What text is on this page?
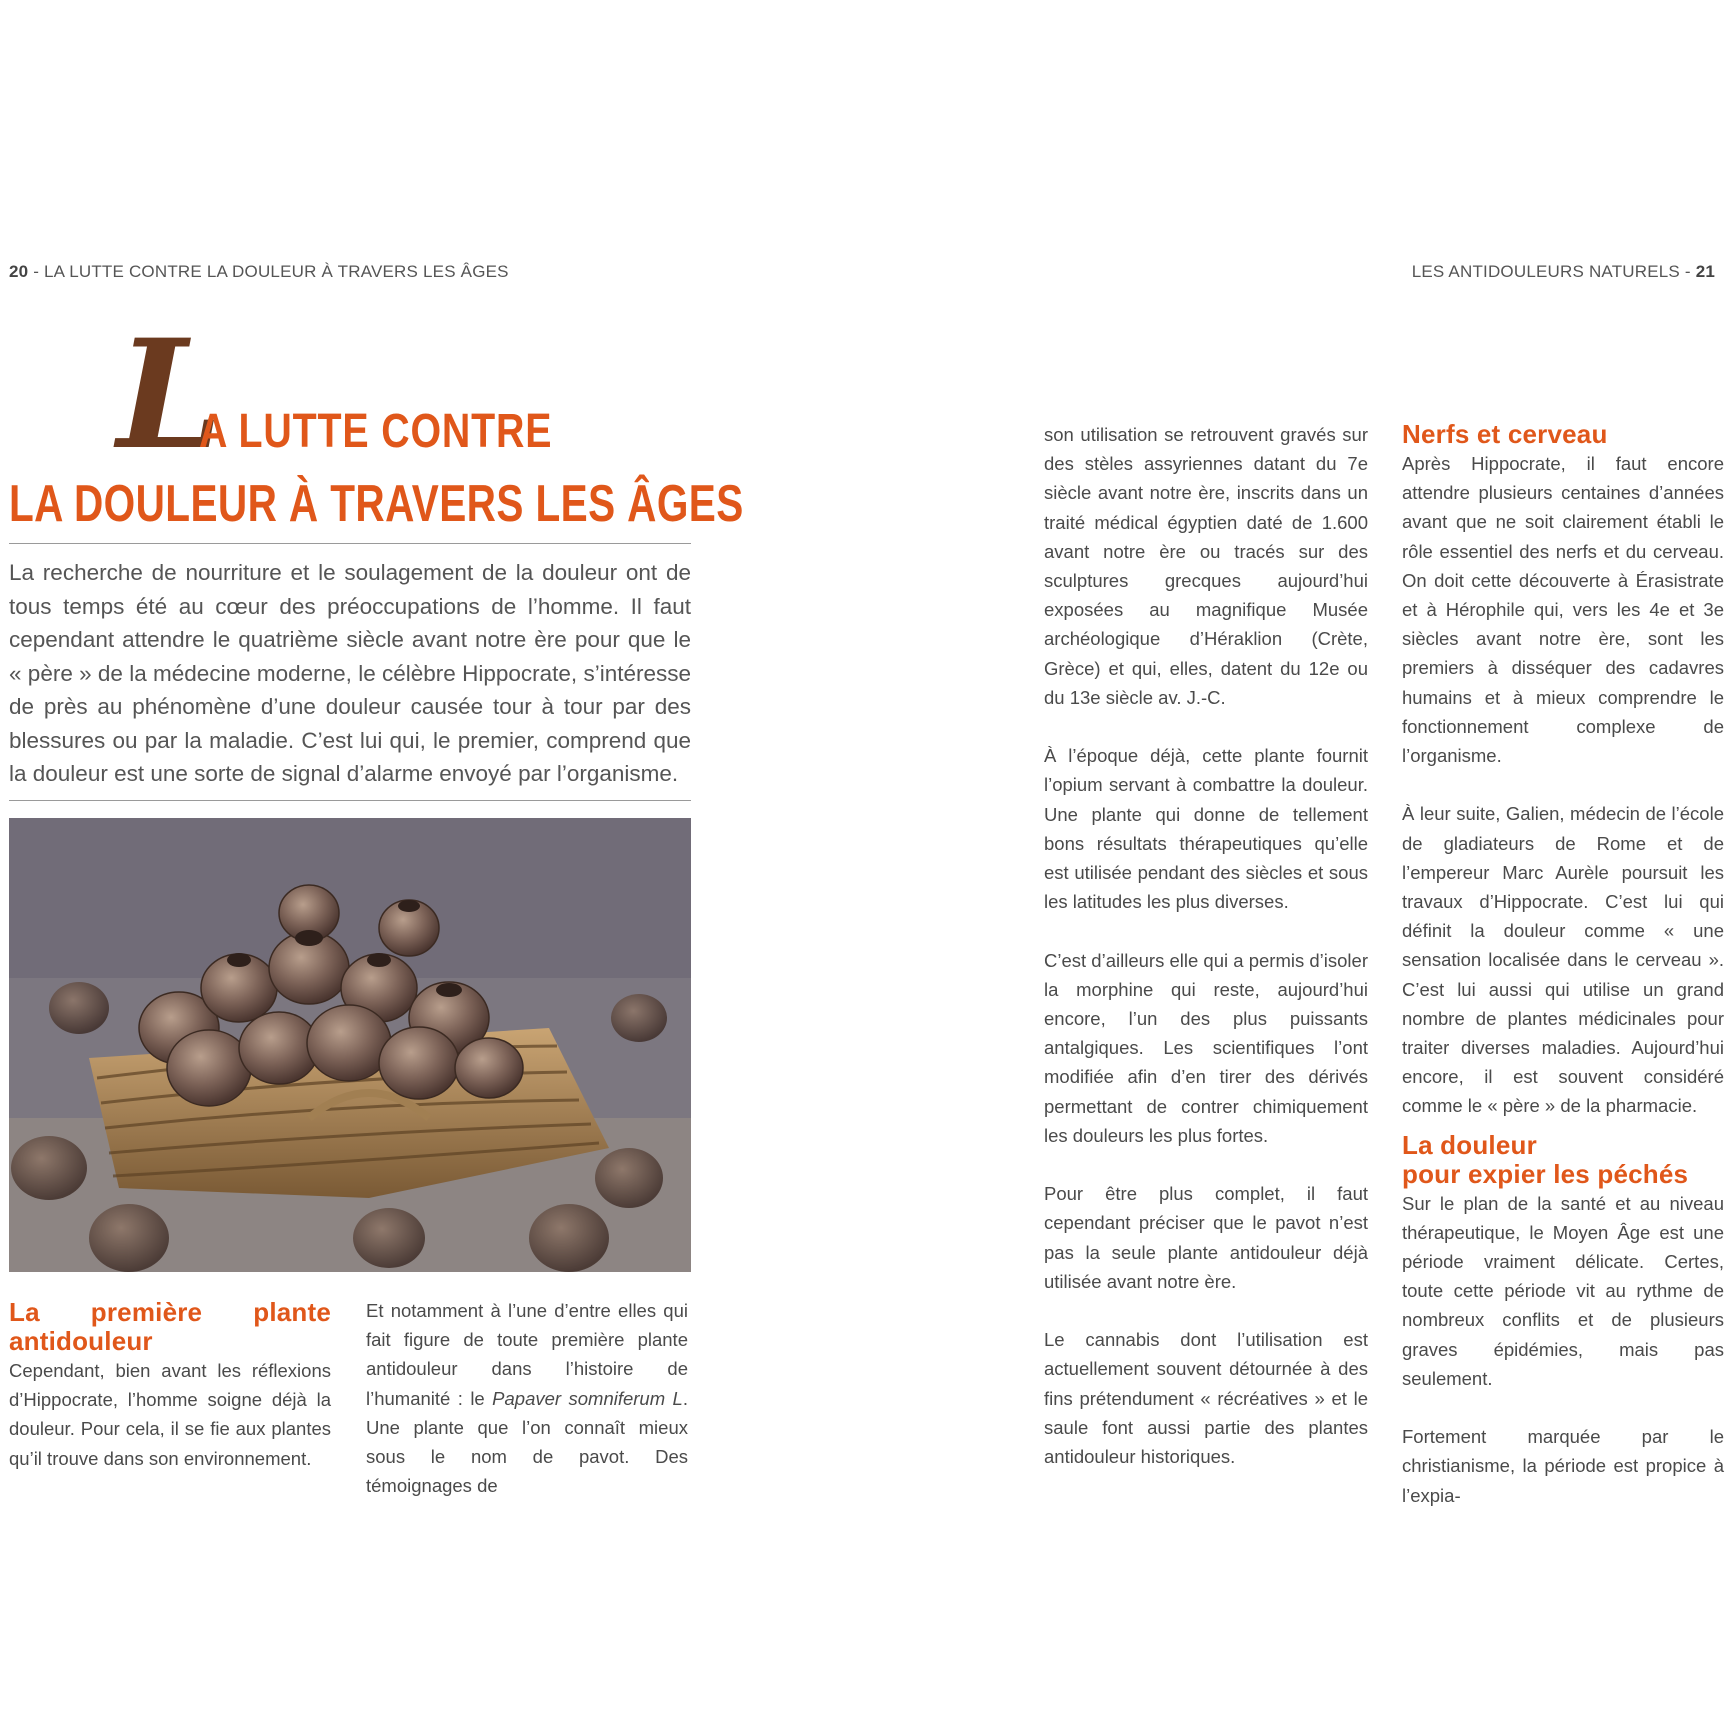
20 - LA LUTTE CONTRE LA DOULEUR À TRAVERS LES ÂGES	LES ANTIDOULEURS NATURELS - 21
L
A LUTTE CONTRE
LA DOULEUR À TRAVERS LES ÂGES
La recherche de nourriture et le soulagement de la douleur ont de tous temps été au cœur des préoccupations de l’homme. Il faut cependant attendre le quatrième siècle avant notre ère pour que le « père » de la médecine moderne, le célèbre Hippocrate, s’intéresse de près au phénomène d’une douleur causée tour à tour par des blessures ou par la maladie. C’est lui qui, le premier, comprend que la douleur est une sorte de signal d’alarme envoyé par l’organisme.
La première plante antidouleur

Cependant, bien avant les réflexions d’Hippocrate, l’homme soigne déjà la douleur. Pour cela, il se fie aux plantes qu’il trouve dans son environnement.

Et notamment à l’une d’entre elles qui fait figure de toute première plante antidouleur dans l’histoire de l’humanité : le Papaver somniferum L. Une plante que l’on connaît mieux sous le nom de pavot. Des témoignages de

son utilisation se retrouvent gravés sur des stèles assyriennes datant du 7e siècle avant notre ère, inscrits dans un traité médical égyptien daté de 1.600 avant notre ère ou tracés sur des sculptures grecques aujourd’hui exposées au magnifique Musée archéologique d’Héraklion (Crète, Grèce) et qui, elles, datent du 12e ou du 13e siècle av. J.-C.

À l’époque déjà, cette plante fournit l’opium servant à combattre la douleur. Une plante qui donne de tellement bons résultats thérapeutiques qu’elle est utilisée pendant des siècles et sous les latitudes les plus diverses.

C’est d’ailleurs elle qui a permis d’isoler la morphine qui reste, aujourd’hui encore, l’un des plus puissants antalgiques. Les scientifiques l’ont modifiée afin d’en tirer des dérivés permettant de contrer chimiquement les douleurs les plus fortes.

Pour être plus complet, il faut cependant préciser que le pavot n’est pas la seule plante antidouleur déjà utilisée avant notre ère.

Le cannabis dont l’utilisation est actuellement souvent détournée à des fins prétendument « récréatives » et le saule font aussi partie des plantes antidouleur historiques.

Nerfs et cerveau

Après Hippocrate, il faut encore attendre plusieurs centaines d’années avant que ne soit clairement établi le rôle essentiel des nerfs et du cerveau. On doit cette découverte à Érasistrate et à Hérophile qui, vers les 4e et 3e siècles avant notre ère, sont les premiers à disséquer des cadavres humains et à mieux comprendre le fonctionnement complexe de l’organisme.

À leur suite, Galien, médecin de l’école de gladiateurs de Rome et de l’empereur Marc Aurèle poursuit les travaux d’Hippocrate. C’est lui qui définit la douleur comme « une sensation localisée dans le cerveau ». C’est lui aussi qui utilise un grand nombre de plantes médicinales pour traiter diverses maladies. Aujourd’hui encore, il est souvent considéré comme le « père » de la pharmacie.

La douleur
pour expier les péchés

Sur le plan de la santé et au niveau thérapeutique, le Moyen Âge est une période vraiment délicate. Certes, toute cette période vit au rythme de nombreux conflits et de plusieurs graves épidémies, mais pas seulement.

Fortement marquée par le christianisme, la période est propice à l’expia-
